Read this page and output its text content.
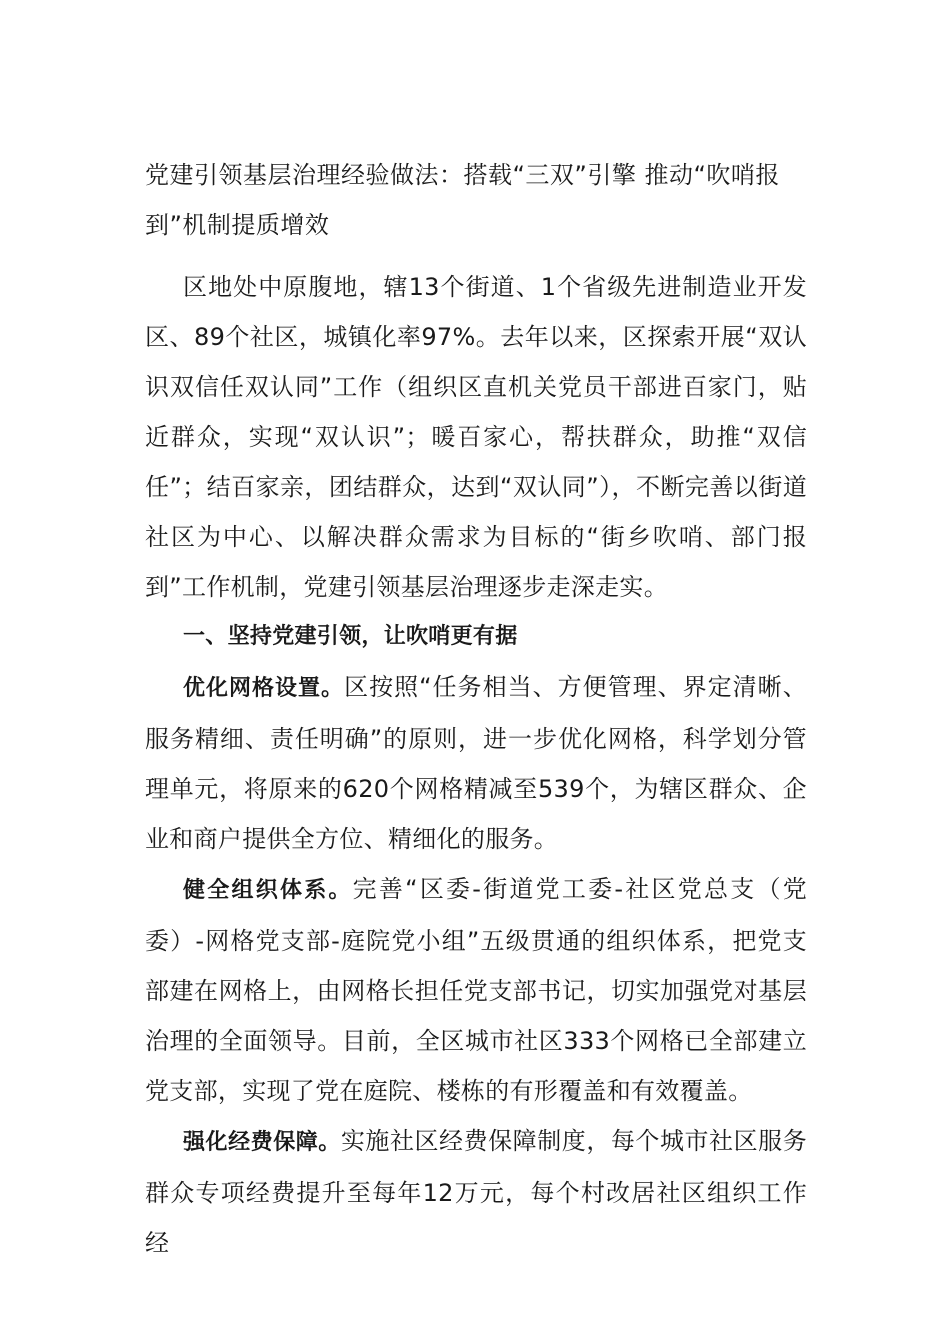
党建引领基层治理经验做法：搭载“三双”引擎 推动“吹哨报到”机制提质增效

区地处中原腹地，辖13个街道、1个省级先进制造业开发区、89个社区，城镇化率97%。去年以来，区探索开展“双认识双信任双认同”工作（组织区直机关党员干部进百家门，贴近群众，实现“双认识”；暖百家心，帮扶群众，助推“双信任”；结百家亲，团结群众，达到“双认同”），不断完善以街道社区为中心、以解决群众需求为目标的“街乡吹哨、部门报到”工作机制，党建引领基层治理逐步走深走实。

一、坚持党建引领，让吹哨更有据

优化网格设置。区按照“任务相当、方便管理、界定清晰、服务精细、责任明确”的原则，进一步优化网格，科学划分管理单元，将原来的620个网格精减至539个，为辖区群众、企业和商户提供全方位、精细化的服务。

健全组织体系。完善“区委-街道党工委-社区党总支（党委）-网格党支部-庭院党小组”五级贯通的组织体系，把党支部建在网格上，由网格长担任党支部书记，切实加强党对基层治理的全面领导。目前，全区城市社区333个网格已全部建立党支部，实现了党在庭院、楼栋的有形覆盖和有效覆盖。

强化经费保障。实施社区经费保障制度，每个城市社区服务群众专项经费提升至每年12万元，每个村改居社区组织工作经
